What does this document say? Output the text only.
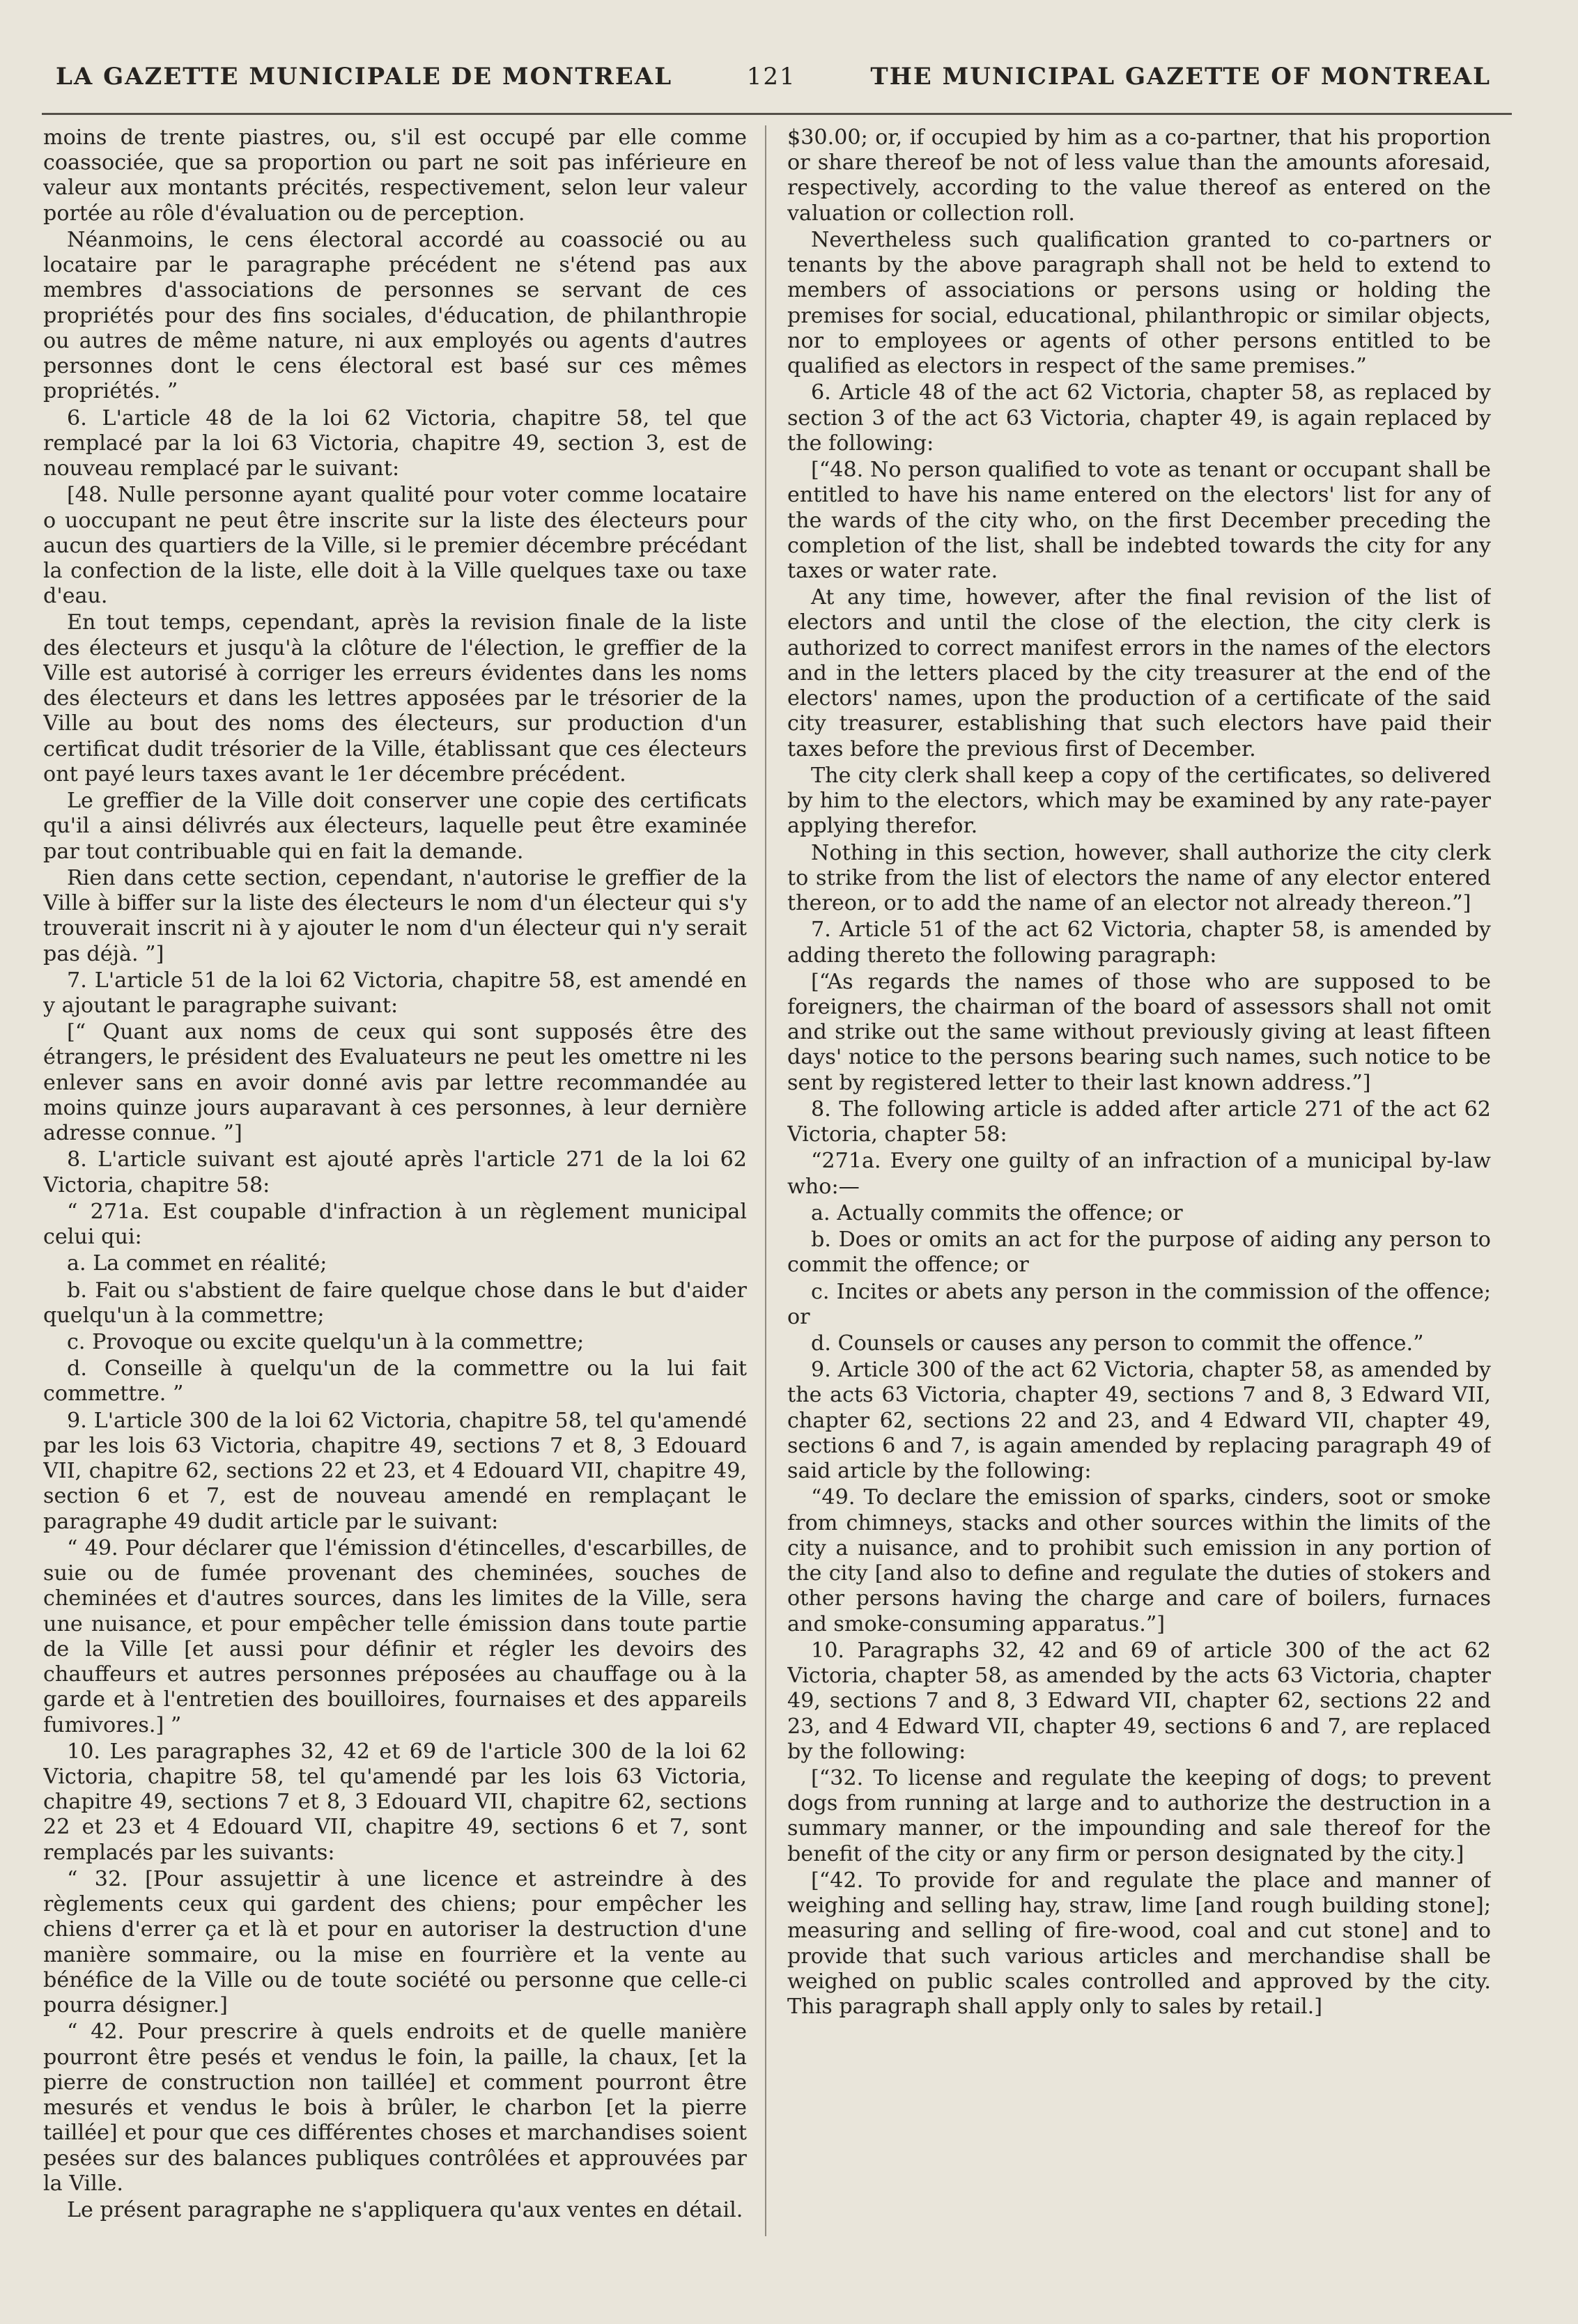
LA GAZETTE MUNICIPALE DE MONTREAL	121	THE MUNICIPAL GAZETTE OF MONTREAL

moins de trente piastres, ou, s'il est occupé par elle comme coassociée, que sa proportion ou part ne soit pas inférieure en valeur aux montants précités, respectivement, selon leur valeur portée au rôle d'évaluation ou de perception.

Néanmoins, le cens électoral accordé au coassocié ou au locataire par le paragraphe précédent ne s'étend pas aux membres d'associations de personnes se servant de ces propriétés pour des fins sociales, d'éducation, de philanthropie ou autres de même nature, ni aux employés ou agents d'autres personnes dont le cens électoral est basé sur ces mêmes propriétés. ”

6. L'article 48 de la loi 62 Victoria, chapitre 58, tel que remplacé par la loi 63 Victoria, chapitre 49, section 3, est de nouveau remplacé par le suivant:

[48. Nulle personne ayant qualité pour voter comme locataire o uoccupant ne peut être inscrite sur la liste des électeurs pour aucun des quartiers de la Ville, si le premier décembre précédant la confection de la liste, elle doit à la Ville quelques taxe ou taxe d'eau.

En tout temps, cependant, après la revision finale de la liste des électeurs et jusqu'à la clôture de l'élection, le greffier de la Ville est autorisé à corriger les erreurs évidentes dans les noms des électeurs et dans les lettres apposées par le trésorier de la Ville au bout des noms des électeurs, sur production d'un certificat dudit trésorier de la Ville, établissant que ces électeurs ont payé leurs taxes avant le 1er décembre précédent.

Le greffier de la Ville doit conserver une copie des certificats qu'il a ainsi délivrés aux électeurs, laquelle peut être examinée par tout contribuable qui en fait la demande.

Rien dans cette section, cependant, n'autorise le greffier de la Ville à biffer sur la liste des électeurs le nom d'un électeur qui s'y trouverait inscrit ni à y ajouter le nom d'un électeur qui n'y serait pas déjà. ”]

7. L'article 51 de la loi 62 Victoria, chapitre 58, est amendé en y ajoutant le paragraphe suivant:

[“ Quant aux noms de ceux qui sont supposés être des étrangers, le président des Evaluateurs ne peut les omettre ni les enlever sans en avoir donné avis par lettre recommandée au moins quinze jours auparavant à ces personnes, à leur dernière adresse connue. ”]

8. L'article suivant est ajouté après l'article 271 de la loi 62 Victoria, chapitre 58:

“ 271a. Est coupable d'infraction à un règlement municipal celui qui:

a. La commet en réalité;

b. Fait ou s'abstient de faire quelque chose dans le but d'aider quelqu'un à la commettre;

c. Provoque ou excite quelqu'un à la commettre;

d. Conseille à quelqu'un de la commettre ou la lui fait commettre. ”

9. L'article 300 de la loi 62 Victoria, chapitre 58, tel qu'amendé par les lois 63 Victoria, chapitre 49, sections 7 et 8, 3 Edouard VII, chapitre 62, sections 22 et 23, et 4 Edouard VII, chapitre 49, section 6 et 7, est de nouveau amendé en remplaçant le paragraphe 49 dudit article par le suivant:

“ 49. Pour déclarer que l'émission d'étincelles, d'escarbilles, de suie ou de fumée provenant des cheminées, souches de cheminées et d'autres sources, dans les limites de la Ville, sera une nuisance, et pour empêcher telle émission dans toute partie de la Ville [et aussi pour définir et régler les devoirs des chauffeurs et autres personnes préposées au chauffage ou à la garde et à l'entretien des bouilloires, fournaises et des appareils fumivores.] ”

10. Les paragraphes 32, 42 et 69 de l'article 300 de la loi 62 Victoria, chapitre 58, tel qu'amendé par les lois 63 Victoria, chapitre 49, sections 7 et 8, 3 Edouard VII, chapitre 62, sections 22 et 23 et 4 Edouard VII, chapitre 49, sections 6 et 7, sont remplacés par les suivants:

“ 32. [Pour assujettir à une licence et astreindre à des règlements ceux qui gardent des chiens; pour empêcher les chiens d'errer ça et là et pour en autoriser la destruction d'une manière sommaire, ou la mise en fourrière et la vente au bénéfice de la Ville ou de toute société ou personne que celle-ci pourra désigner.]

“ 42. Pour prescrire à quels endroits et de quelle manière pourront être pesés et vendus le foin, la paille, la chaux, [et la pierre de construction non taillée] et comment pourront être mesurés et vendus le bois à brûler, le charbon [et la pierre taillée] et pour que ces différentes choses et marchandises soient pesées sur des balances publiques contrôlées et approuvées par la Ville.

Le présent paragraphe ne s'appliquera qu'aux ventes en détail.

$30.00; or, if occupied by him as a co-partner, that his proportion or share thereof be not of less value than the amounts aforesaid, respectively, according to the value thereof as entered on the valuation or collection roll.

Nevertheless such qualification granted to co-partners or tenants by the above paragraph shall not be held to extend to members of associations or persons using or holding the premises for social, educational, philanthropic or similar objects, nor to employees or agents of other persons entitled to be qualified as electors in respect of the same premises.”

6. Article 48 of the act 62 Victoria, chapter 58, as replaced by section 3 of the act 63 Victoria, chapter 49, is again replaced by the following:

[“48. No person qualified to vote as tenant or occupant shall be entitled to have his name entered on the electors' list for any of the wards of the city who, on the first December preceding the completion of the list, shall be indebted towards the city for any taxes or water rate.

At any time, however, after the final revision of the list of electors and until the close of the election, the city clerk is authorized to correct manifest errors in the names of the electors and in the letters placed by the city treasurer at the end of the electors' names, upon the production of a certificate of the said city treasurer, establishing that such electors have paid their taxes before the previous first of December.

The city clerk shall keep a copy of the certificates, so delivered by him to the electors, which may be examined by any rate-payer applying therefor.

Nothing in this section, however, shall authorize the city clerk to strike from the list of electors the name of any elector entered thereon, or to add the name of an elector not already thereon.”]

7. Article 51 of the act 62 Victoria, chapter 58, is amended by adding thereto the following paragraph:

[“As regards the names of those who are supposed to be foreigners, the chairman of the board of assessors shall not omit and strike out the same without previously giving at least fifteen days' notice to the persons bearing such names, such notice to be sent by registered letter to their last known address.”]

8. The following article is added after article 271 of the act 62 Victoria, chapter 58:

“271a. Every one guilty of an infraction of a municipal by-law who:—

a. Actually commits the offence; or

b. Does or omits an act for the purpose of aiding any person to commit the offence; or

c. Incites or abets any person in the commission of the offence; or

d. Counsels or causes any person to commit the offence.”

9. Article 300 of the act 62 Victoria, chapter 58, as amended by the acts 63 Victoria, chapter 49, sections 7 and 8, 3 Edward VII, chapter 62, sections 22 and 23, and 4 Edward VII, chapter 49, sections 6 and 7, is again amended by replacing paragraph 49 of said article by the following:

“49. To declare the emission of sparks, cinders, soot or smoke from chimneys, stacks and other sources within the limits of the city a nuisance, and to prohibit such emission in any portion of the city [and also to define and regulate the duties of stokers and other persons having the charge and care of boilers, furnaces and smoke-consuming apparatus.”]

10. Paragraphs 32, 42 and 69 of article 300 of the act 62 Victoria, chapter 58, as amended by the acts 63 Victoria, chapter 49, sections 7 and 8, 3 Edward VII, chapter 62, sections 22 and 23, and 4 Edward VII, chapter 49, sections 6 and 7, are replaced by the following:

[“32. To license and regulate the keeping of dogs; to prevent dogs from running at large and to authorize the destruction in a summary manner, or the impounding and sale thereof for the benefit of the city or any firm or person designated by the city.]

[“42. To provide for and regulate the place and manner of weighing and selling hay, straw, lime [and rough building stone]; measuring and selling of fire-wood, coal and cut stone] and to provide that such various articles and merchandise shall be weighed on public scales controlled and approved by the city. This paragraph shall apply only to sales by retail.]
